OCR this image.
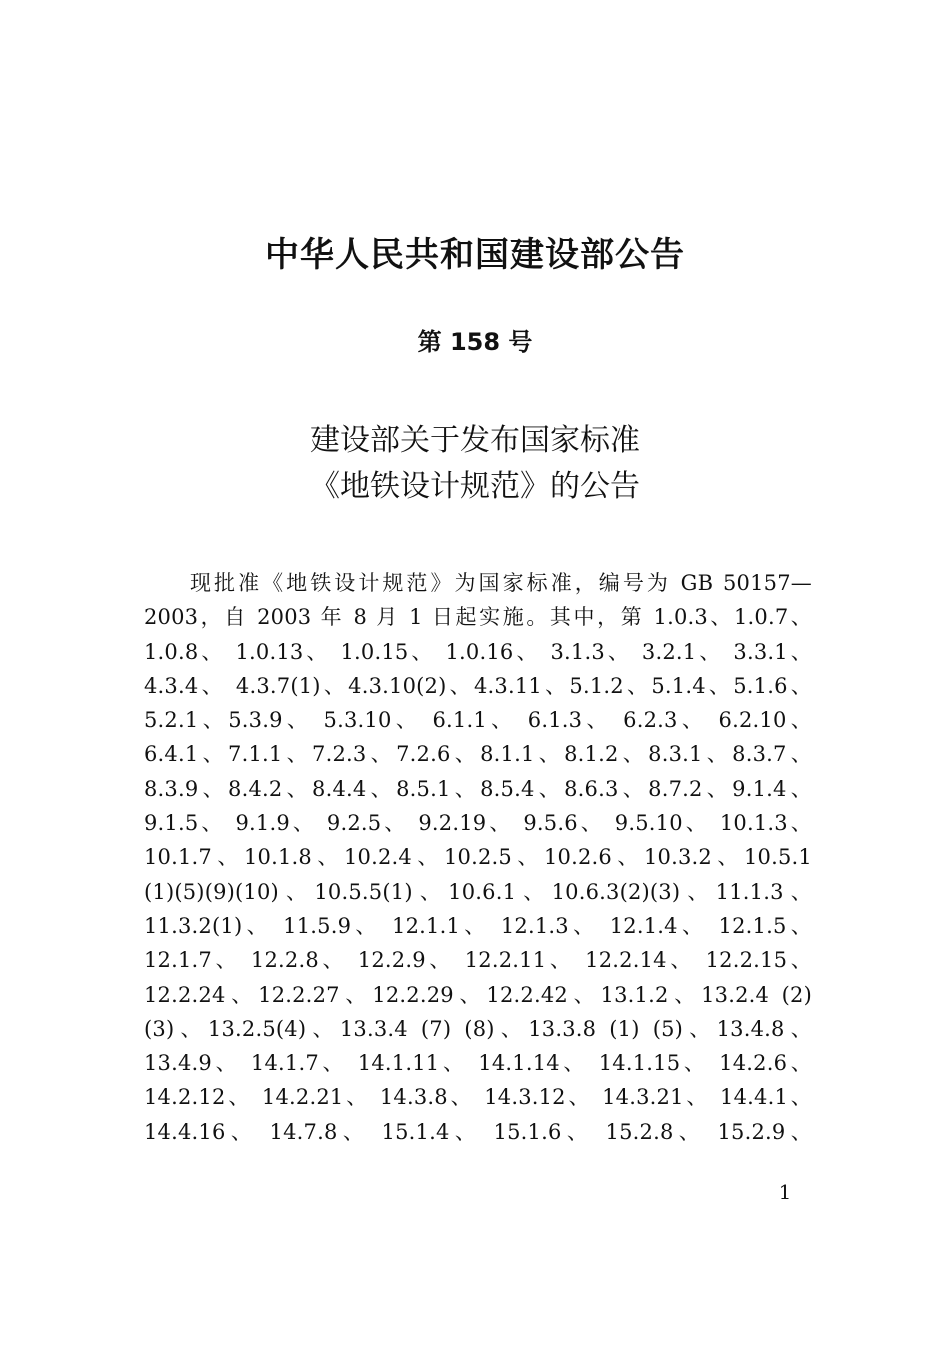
中华人民共和国建设部公告
第 158 号
建设部关于发布国家标准
《地铁设计规范》的公告
现批准《地铁设计规范》为国家标准，编号为 GB 50157—
2003，自 2003 年 8 月 1 日起实施。其中，第 1.0.3、1.0.7、
1.0.8、 1.0.13、 1.0.15、 1.0.16、 3.1.3、 3.2.1、 3.3.1、
4.3.4、 4.3.7(1)、4.3.10(2)、4.3.11、5.1.2、5.1.4、5.1.6、
5.2.1、5.3.9、 5.3.10、 6.1.1、 6.1.3、 6.2.3、 6.2.10、
6.4.1、7.1.1、7.2.3、7.2.6、8.1.1、8.1.2、8.3.1、8.3.7、
8.3.9、8.4.2、8.4.4、8.5.1、8.5.4、8.6.3、8.7.2、9.1.4、
9.1.5、 9.1.9、 9.2.5、 9.2.19、 9.5.6、 9.5.10、 10.1.3、
10.1.7、10.1.8、10.2.4、10.2.5、10.2.6、10.3.2、10.5.1
(1)(5)(9)(10)、10.5.5(1)、10.6.1、10.6.3(2)(3)、11.1.3、
11.3.2(1)、 11.5.9、 12.1.1、 12.1.3、 12.1.4、 12.1.5、
12.1.7、 12.2.8、 12.2.9、 12.2.11、 12.2.14、 12.2.15、
12.2.24、12.2.27、12.2.29、12.2.42、13.1.2、13.2.4 (2)
(3)、13.2.5(4)、13.3.4 (7) (8)、13.3.8 (1) (5)、13.4.8、
13.4.9、 14.1.7、 14.1.11、 14.1.14、 14.1.15、 14.2.6、
14.2.12、 14.2.21、 14.3.8、 14.3.12、 14.3.21、 14.4.1、
14.4.16、 14.7.8、 15.1.4、 15.1.6、 15.2.8、 15.2.9、
1
